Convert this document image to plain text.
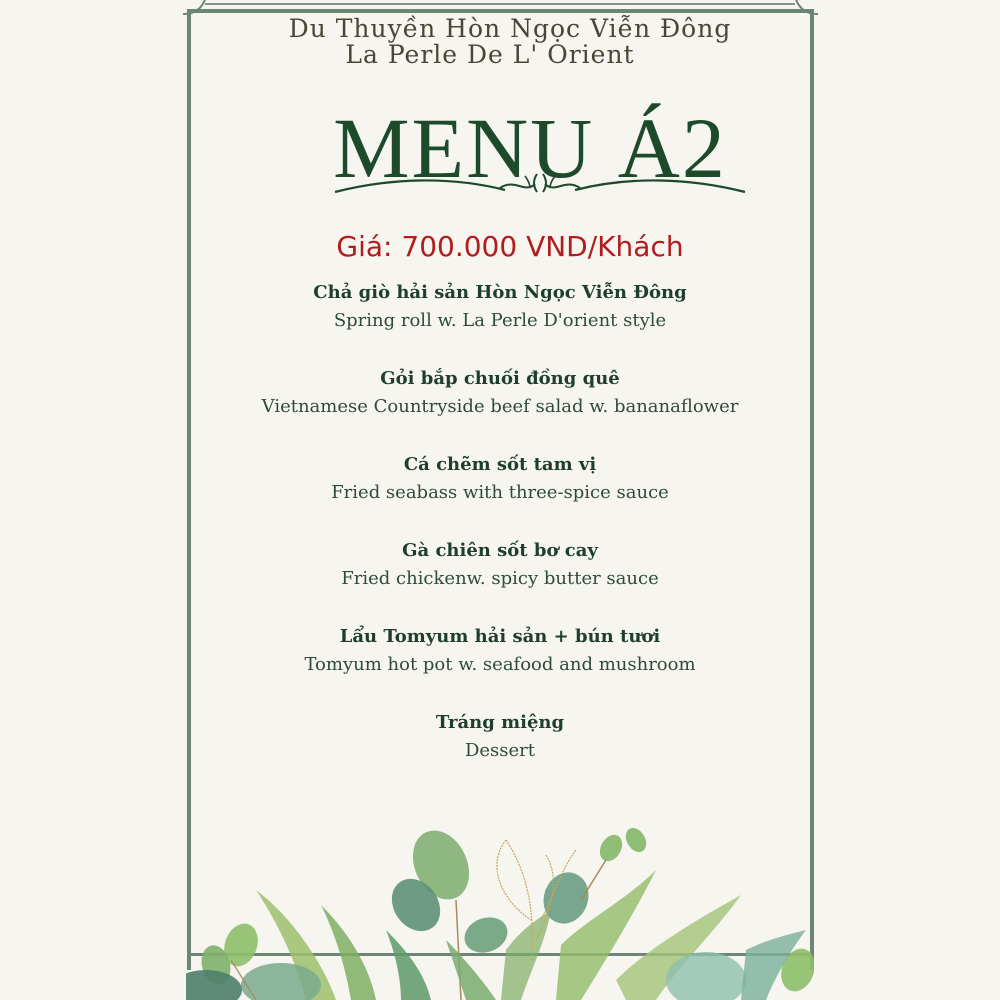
Du Thuyền Hòn Ngọc Viễn Đông
La Perle De L' Orient
MENU Á2
Giá: 700.000 VND/Khách
Chả giò hải sản Hòn Ngọc Viễn Đông
Spring roll w. La Perle D'orient style
Gỏi bắp chuối đồng quê
Vietnamese Countryside beef salad w. bananaflower
Cá chẽm sốt tam vị
Fried seabass with three-spice sauce
Gà chiên sốt bơ cay
Fried chickenw. spicy butter sauce
Lẩu Tomyum hải sản + bún tươi
Tomyum hot pot w. seafood and mushroom
Tráng miệng
Dessert
